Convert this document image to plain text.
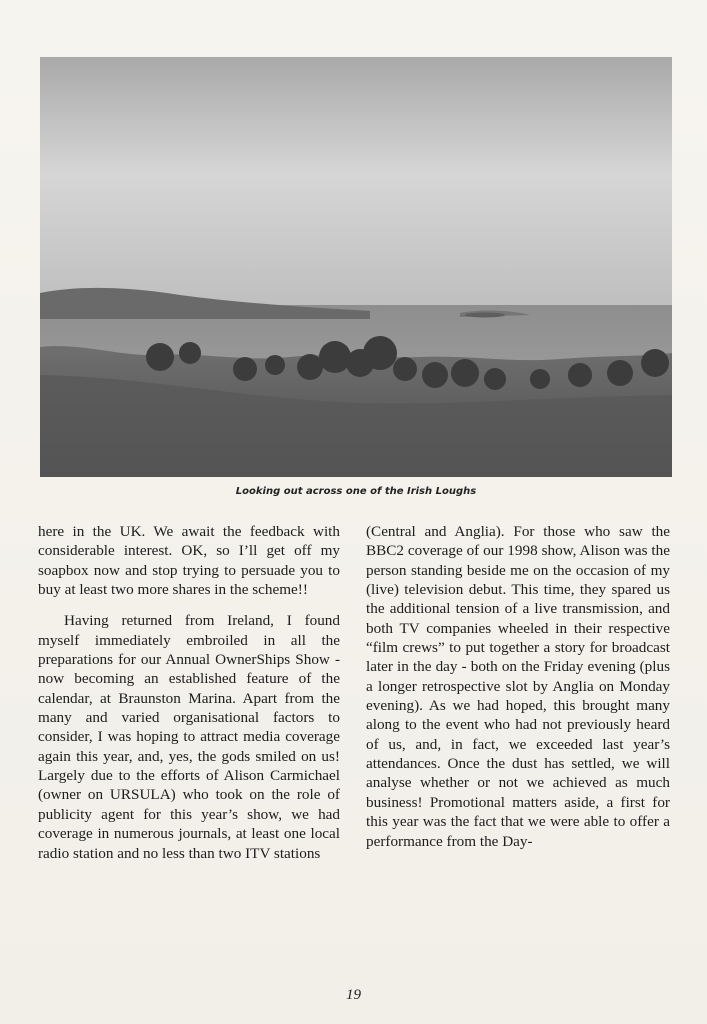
Looking out across one of the Irish Loughs

here in the UK. We await the feedback with considerable interest. OK, so I’ll get off my soapbox now and stop trying to persuade you to buy at least two more shares in the scheme!!

Having returned from Ireland, I found myself immediately embroiled in all the preparations for our Annual OwnerShips Show - now becoming an established feature of the calendar, at Braunston Marina. Apart from the many and varied organisational factors to consider, I was hoping to attract media coverage again this year, and, yes, the gods smiled on us! Largely due to the efforts of Alison Carmichael (owner on URSULA) who took on the role of publicity agent for this year’s show, we had coverage in numerous journals, at least one local radio station and no less than two ITV stations

(Central and Anglia). For those who saw the BBC2 coverage of our 1998 show, Alison was the person standing beside me on the occasion of my (live) television debut. This time, they spared us the additional tension of a live transmission, and both TV companies wheeled in their respective “film crews” to put together a story for broadcast later in the day - both on the Friday evening (plus a longer retrospective slot by Anglia on Monday evening). As we had hoped, this brought many along to the event who had not previously heard of us, and, in fact, we exceeded last year’s attendances. Once the dust has settled, we will analyse whether or not we achieved as much business! Promotional matters aside, a first for this year was the fact that we were able to offer a performance from the Day-

19
